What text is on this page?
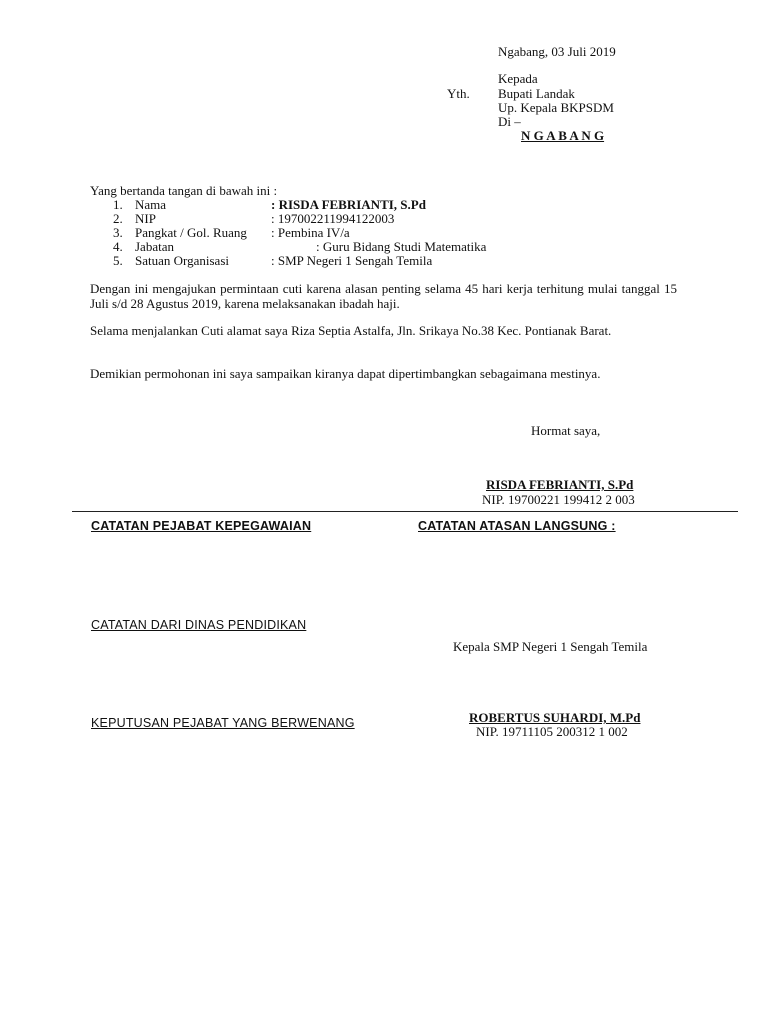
Ngabang, 03 Juli 2019
Kepada
Yth. Bupati Landak
Up. Kepala BKPSDM
Di –
N G A B A N G
Yang bertanda tangan di bawah ini :
1. Nama	: RISDA FEBRIANTI, S.Pd
2. NIP	: 197002211994122003
3. Pangkat / Gol. Ruang : Pembina IV/a
4. Jabatan	: Guru Bidang Studi Matematika
5. Satuan Organisasi	: SMP Negeri 1 Sengah Temila
Dengan ini mengajukan permintaan cuti karena alasan penting selama 45 hari kerja terhitung mulai tanggal 15 Juli s/d 28 Agustus 2019, karena melaksanakan ibadah haji.
Selama menjalankan Cuti alamat saya Riza Septia Astalfa, Jln. Srikaya No.38 Kec. Pontianak Barat.
Demikian permohonan ini saya sampaikan kiranya dapat dipertimbangkan sebagaimana mestinya.
Hormat saya,
RISDA FEBRIANTI, S.Pd
NIP. 19700221 199412 2 003
CATATAN PEJABAT KEPEGAWAIAN	CATATAN ATASAN LANGSUNG :
CATATAN DARI DINAS PENDIDIKAN
Kepala SMP Negeri 1 Sengah Temila
ROBERTUS SUHARDI, M.Pd
KEPUTUSAN PEJABAT YANG BERWENANG
NIP. 19711105 200312 1 002
